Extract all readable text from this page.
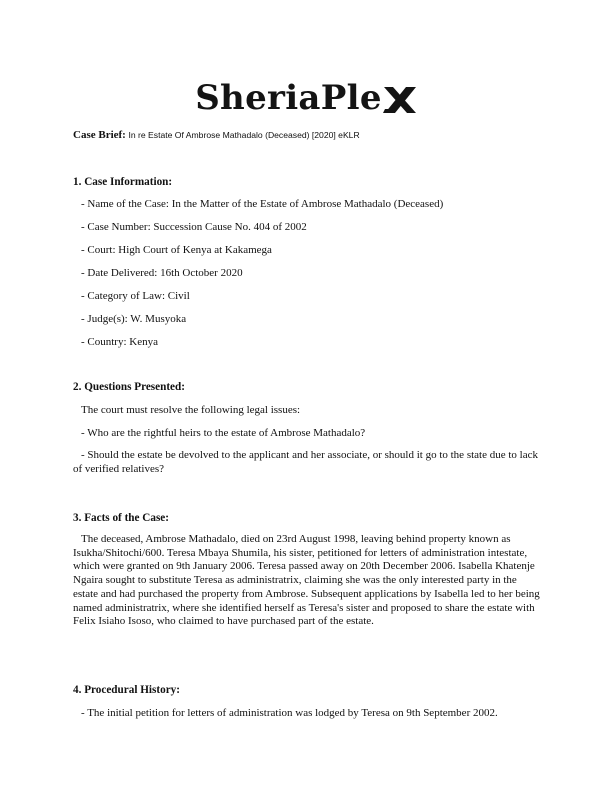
SheriaPle
Case Brief: In re Estate Of Ambrose Mathadalo (Deceased) [2020] eKLR
1. Case Information:
- Name of the Case: In the Matter of the Estate of Ambrose Mathadalo (Deceased)
- Case Number: Succession Cause No. 404 of 2002
- Court: High Court of Kenya at Kakamega
- Date Delivered: 16th October 2020
- Category of Law: Civil
- Judge(s): W. Musyoka
- Country: Kenya
2. Questions Presented:
The court must resolve the following legal issues:
- Who are the rightful heirs to the estate of Ambrose Mathadalo?
- Should the estate be devolved to the applicant and her associate, or should it go to the state due to lack of verified relatives?
3. Facts of the Case:
The deceased, Ambrose Mathadalo, died on 23rd August 1998, leaving behind property known as Isukha/Shitochi/600. Teresa Mbaya Shumila, his sister, petitioned for letters of administration intestate, which were granted on 9th January 2006. Teresa passed away on 20th December 2006. Isabella Khatenje Ngaira sought to substitute Teresa as administratrix, claiming she was the only interested party in the estate and had purchased the property from Ambrose. Subsequent applications by Isabella led to her being named administratrix, where she identified herself as Teresa's sister and proposed to share the estate with Felix Isiaho Isoso, who claimed to have purchased part of the estate.
4. Procedural History:
- The initial petition for letters of administration was lodged by Teresa on 9th September 2002.
